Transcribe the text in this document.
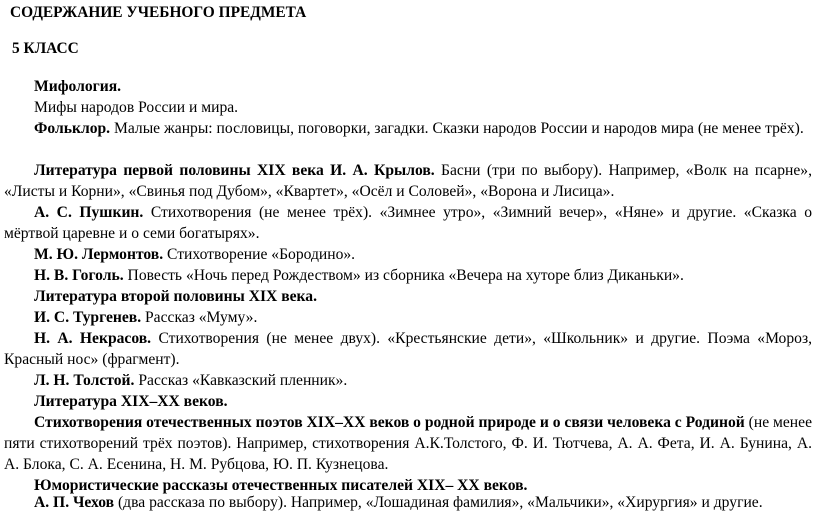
СОДЕРЖАНИЕ УЧЕБНОГО ПРЕДМЕТА
5 КЛАСС
Мифология.
Мифы народов России и мира.
Фольклор. Малые жанры: пословицы, поговорки, загадки. Сказки народов России и народов мира (не менее трёх).
Литература первой половины XIX века И. А. Крылов. Басни (три по выбору). Например, «Волк на псарне», «Листы и Корни», «Свинья под Дубом», «Квартет», «Осёл и Соловей», «Ворона и Лисица».
А. С. Пушкин. Стихотворения (не менее трёх). «Зимнее утро», «Зимний вечер», «Няне» и другие. «Сказка о мёртвой царевне и о семи богатырях».
М. Ю. Лермонтов. Стихотворение «Бородино».
Н. В. Гоголь. Повесть «Ночь перед Рождеством» из сборника «Вечера на хуторе близ Диканьки».
Литература второй половины XIX века.
И. С. Тургенев. Рассказ «Муму».
Н. А. Некрасов. Стихотворения (не менее двух). «Крестьянские дети», «Школьник» и другие. Поэма «Мороз, Красный нос» (фрагмент).
Л. Н. Толстой. Рассказ «Кавказский пленник».
Литература XIX–XX веков.
Стихотворения отечественных поэтов XIX–XX веков о родной природе и о связи человека с Родиной (не менее пяти стихотворений трёх поэтов). Например, стихотворения А.К.Толстого, Ф. И. Тютчева, А. А. Фета, И. А. Бунина, А. А. Блока, С. А. Есенина, Н. М. Рубцова, Ю. П. Кузнецова.
Юмористические рассказы отечественных писателей XIX– XX веков.
А. П. Чехов (два рассказа по выбору). Например, «Лошадиная фамилия», «Мальчики», «Хирургия» и другие.
